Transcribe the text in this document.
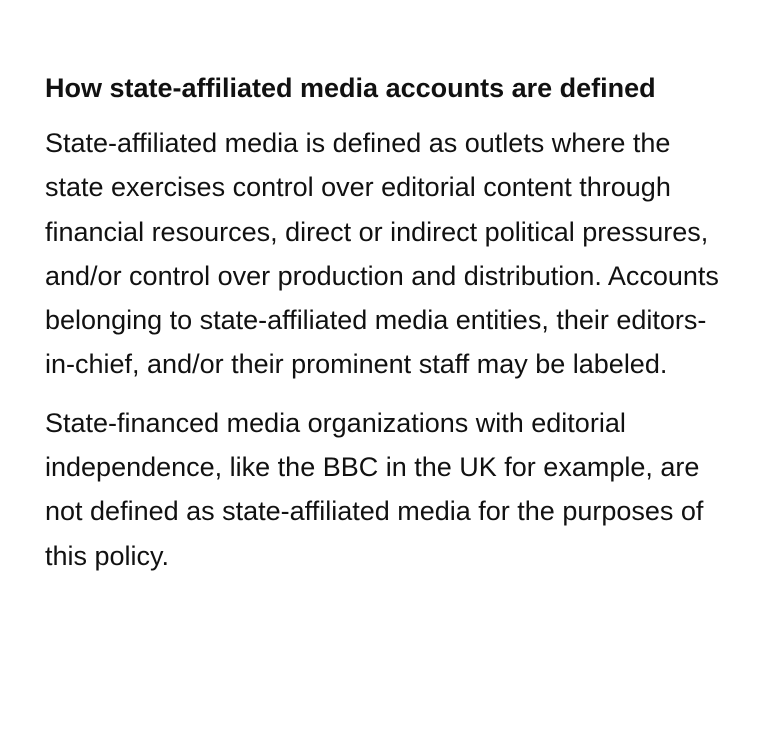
How state-affiliated media accounts are defined

State-affiliated media is defined as outlets where the state exercises control over editorial content through financial resources, direct or indirect political pressures, and/or control over production and distribution. Accounts belonging to state-affiliated media entities, their editors-in-chief, and/or their prominent staff may be labeled.

State-financed media organizations with editorial independence, like the BBC in the UK for example, are not defined as state-affiliated media for the purposes of this policy.
